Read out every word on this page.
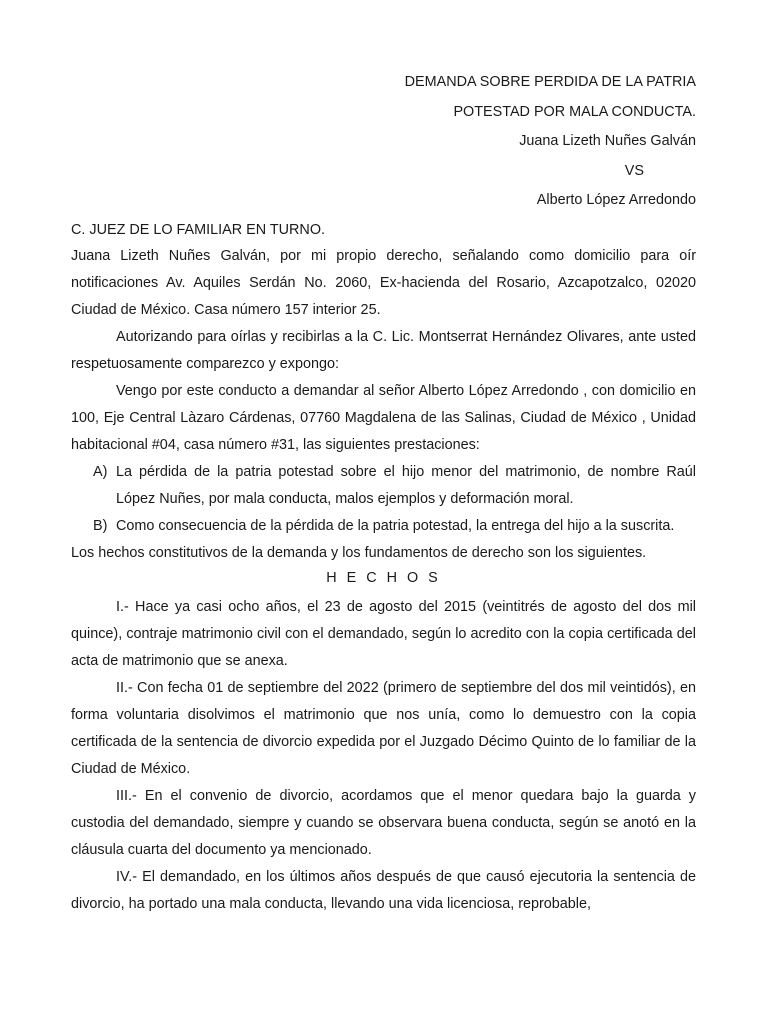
DEMANDA SOBRE PERDIDA DE LA PATRIA
POTESTAD POR MALA CONDUCTA.
Juana Lizeth Nuñes Galván
VS
Alberto López Arredondo
C. JUEZ DE LO FAMILIAR EN TURNO.

Juana Lizeth Nuñes Galván, por mi propio derecho, señalando como domicilio para oír notificaciones Av. Aquiles Serdán No. 2060, Ex-hacienda del Rosario, Azcapotzalco, 02020 Ciudad de México. Casa número 157 interior 25.

Autorizando para oírlas y recibirlas a la C. Lic. Montserrat Hernández Olivares, ante usted respetuosamente comparezco y expongo:

Vengo por este conducto a demandar al señor Alberto López Arredondo , con domicilio en 100, Eje Central Làzaro Cárdenas, 07760 Magdalena de las Salinas, Ciudad de México , Unidad habitacional #04, casa número #31, las siguientes prestaciones:

A) La pérdida de la patria potestad sobre el hijo menor del matrimonio, de nombre Raúl López Nuñes, por mala conducta, malos ejemplos y deformación moral.
B) Como consecuencia de la pérdida de la patria potestad, la entrega del hijo a la suscrita.

Los hechos constitutivos de la demanda y los fundamentos de derecho son los siguientes.

H E C H O S

I.- Hace ya casi ocho años, el 23 de agosto del 2015 (veintitrés de agosto del dos mil quince), contraje matrimonio civil con el demandado, según lo acredito con la copia certificada del acta de matrimonio que se anexa.

II.- Con fecha 01 de septiembre del 2022 (primero de septiembre del dos mil veintidós), en forma voluntaria disolvimos el matrimonio que nos unía, como lo demuestro con la copia certificada de la sentencia de divorcio expedida por el Juzgado Décimo Quinto de lo familiar de la Ciudad de México.

III.- En el convenio de divorcio, acordamos que el menor quedara bajo la guarda y custodia del demandado, siempre y cuando se observara buena conducta, según se anotó en la cláusula cuarta del documento ya mencionado.

IV.- El demandado, en los últimos años después de que causó ejecutoria la sentencia de divorcio, ha portado una mala conducta, llevando una vida licenciosa, reprobable,
